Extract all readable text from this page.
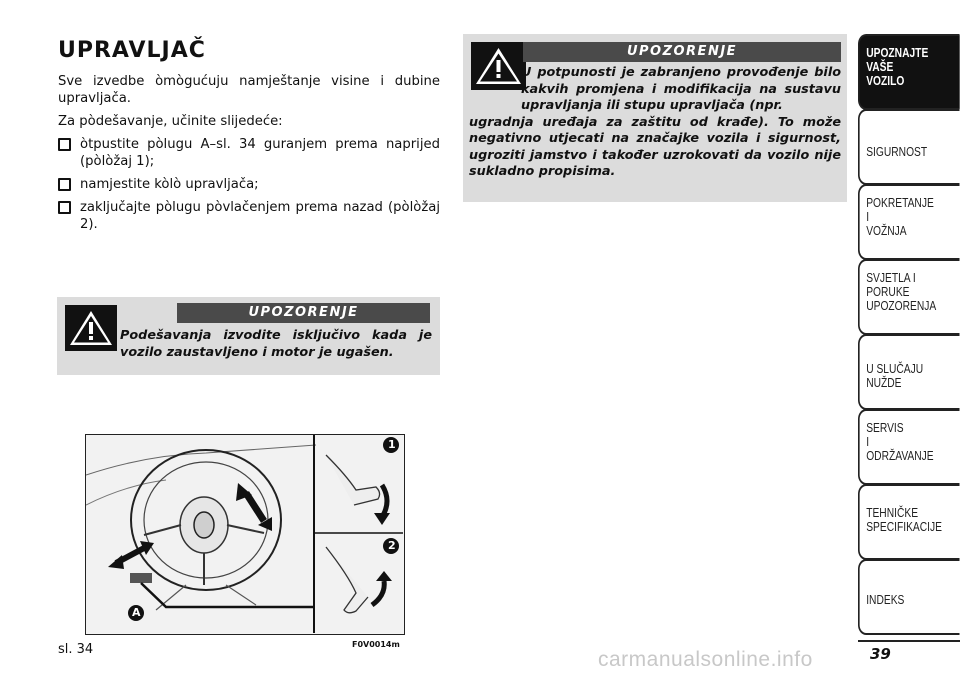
UPRAVLJAČ

Sve izvedbe òmògućuju namještanje visine i dubine upravljača.

Za pòdešavanje, učinite slijedeće:

òtpustite pòlugu A–sl. 34 guranjem prema naprijed (pòlòžaj 1);
namjestite kòlò upravljača;
zaključajte pòlugu pòvlačenjem prema nazad (pòlòžaj 2).
UPOZORENJE
Podešavanja izvodite isključivo kada je vozilo zaustavljeno i motor je ugašen.
UPOZORENJE
U potpunosti je zabranjeno provođenje bilo kakvih promjena i modifikacija na sustavu upravljanja ili stupu upravljača (npr.
ugradnja uređaja za zaštitu od krađe). To može negativno utjecati na značajke vozila i sigurnost, ugroziti jamstvo i također uzrokovati da vozilo nije sukladno propisima.
1
2
A
sl. 34	F0V0014m
UPOZNAJTE
VAŠE
VOZILO
SIGURNOST
POKRETANJE
I
VOŽNJA
SVJETLA I
PORUKE
UPOZORENJA
U SLUČAJU
NUŽDE
SERVIS
I
ODRŽAVANJE
TEHNIČKE
SPECIFIKACIJE
INDEKS
39
carmanualsonline.info
